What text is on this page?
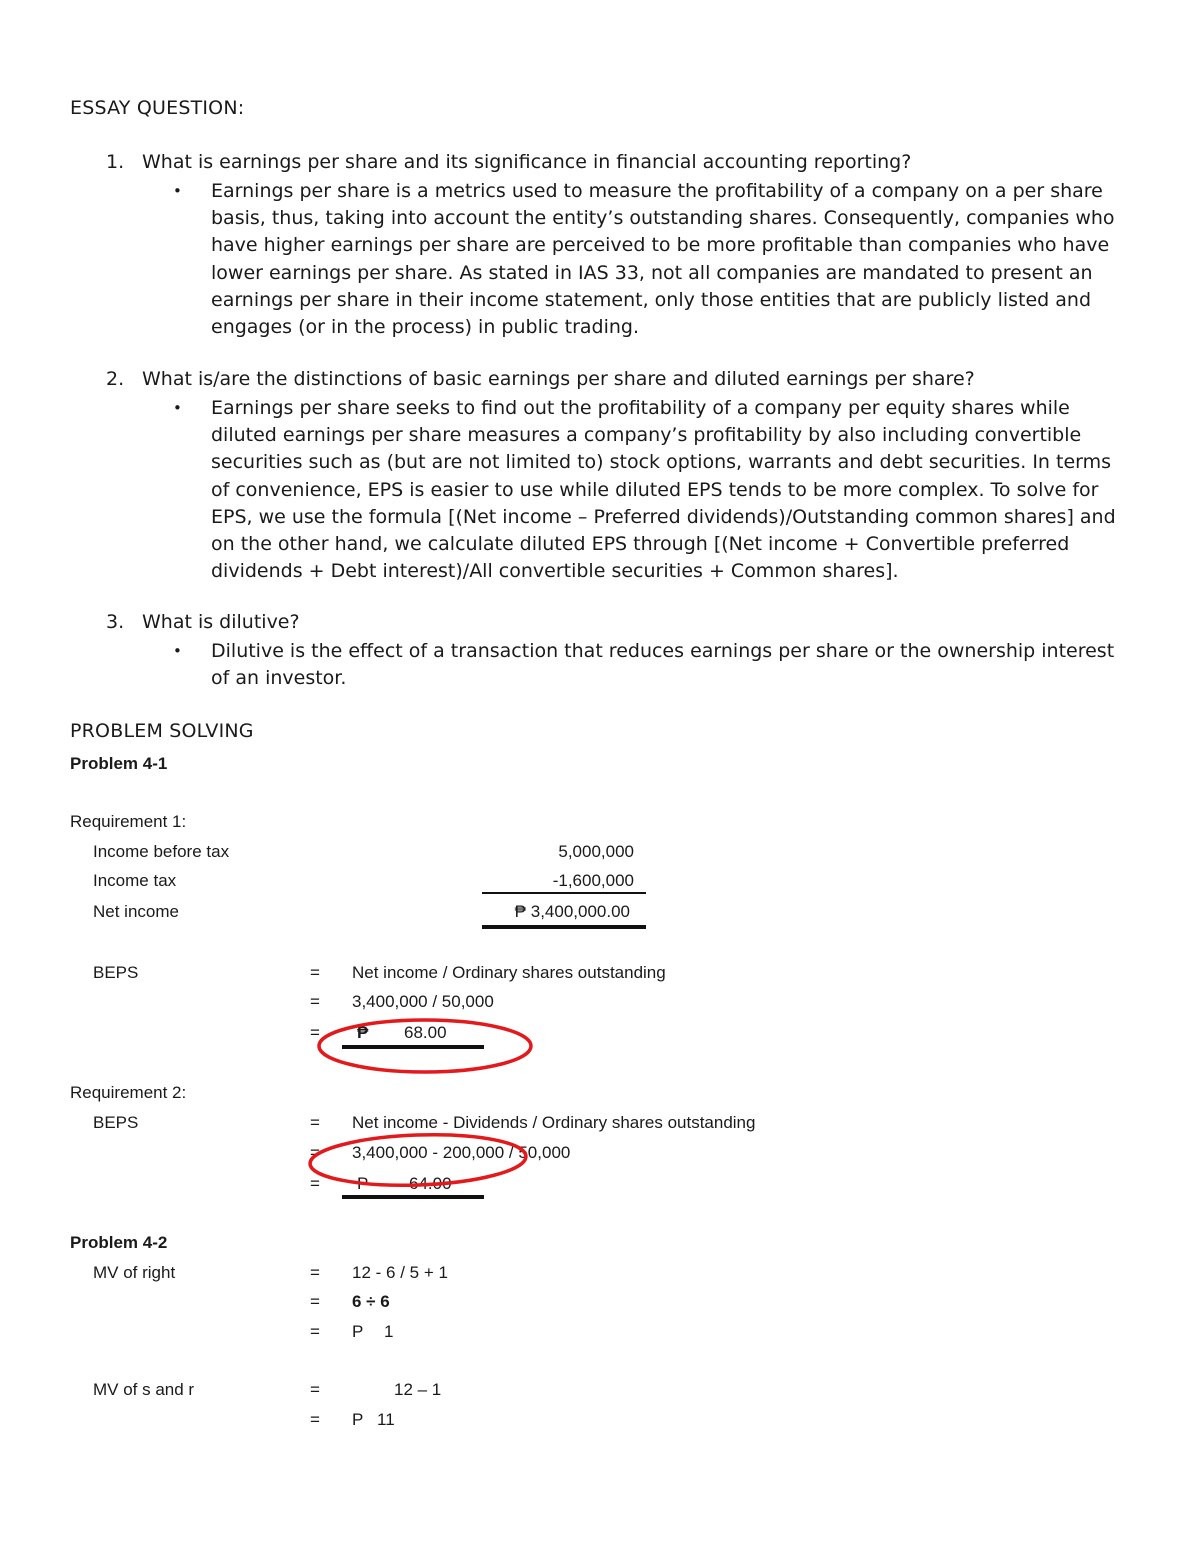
ESSAY QUESTION:
1. What is earnings per share and its significance in financial accounting reporting?
• Earnings per share is a metrics used to measure the profitability of a company on a per share basis, thus, taking into account the entity’s outstanding shares. Consequently, companies who have higher earnings per share are perceived to be more profitable than companies who have lower earnings per share. As stated in IAS 33, not all companies are mandated to present an earnings per share in their income statement, only those entities that are publicly listed and engages (or in the process) in public trading.
2. What is/are the distinctions of basic earnings per share and diluted earnings per share?
• Earnings per share seeks to find out the profitability of a company per equity shares while diluted earnings per share measures a company’s profitability by also including convertible securities such as (but are not limited to) stock options, warrants and debt securities. In terms of convenience, EPS is easier to use while diluted EPS tends to be more complex. To solve for EPS, we use the formula [(Net income – Preferred dividends)/Outstanding common shares] and on the other hand, we calculate diluted EPS through [(Net income + Convertible preferred dividends + Debt interest)/All convertible securities + Common shares].
3. What is dilutive?
• Dilutive is the effect of a transaction that reduces earnings per share or the ownership interest of an investor.
PROBLEM SOLVING
Problem 4-1
Requirement 1:
Income before tax	5,000,000
Income tax	-1,600,000
Net income	₱ 3,400,000.00
BEPS	= Net income / Ordinary shares outstanding
= 3,400,000 / 50,000
= ₱ 68.00
Requirement 2:
BEPS	= Net income - Dividends / Ordinary shares outstanding
= 3,400,000 - 200,000 / 50,000
= P 64.00
Problem 4-2
MV of right	= 12 - 6 / 5 + 1
= 6 ÷ 6
= P 1
MV of s and r	=	12 – 1
= P 11
